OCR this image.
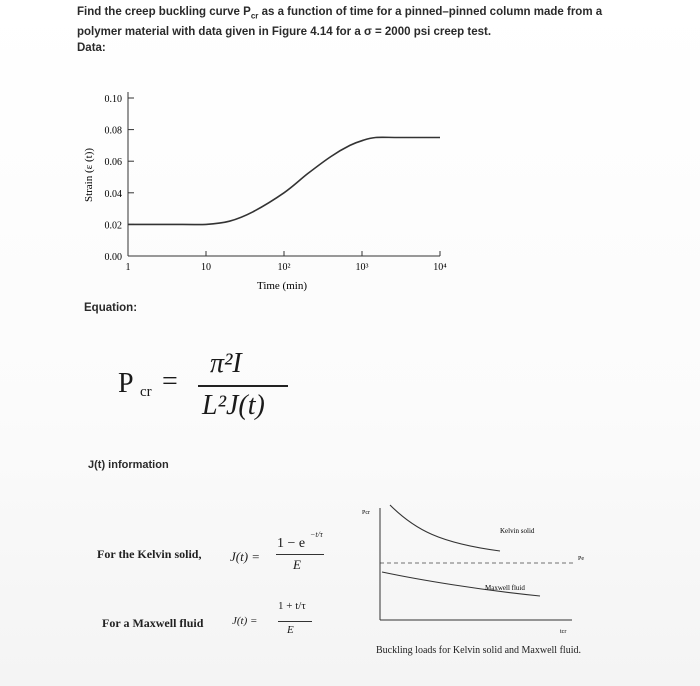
Find the creep buckling curve $P_{cr}$ as a function of time for a pinned–pinned column made from a polymer material with data given in Figure 4.14 for a σ = 2000 psi creep test.

Data:

0.00
0.02
0.04
0.06
0.08
0.10
1	10	10²	10³	10⁴
Strain (ε (t))
Time (min)

Equation:

P cr =
π²I
L²J(t)

J(t) information

For the Kelvin solid, J(t) =
1 − e
−t/τ
E
For a Maxwell fluid	J(t) =
1 + t/τ
E
Pcr
tcr
Pe
Kelvin solid
Maxwell fluid

Buckling loads for Kelvin solid and Maxwell fluid.
